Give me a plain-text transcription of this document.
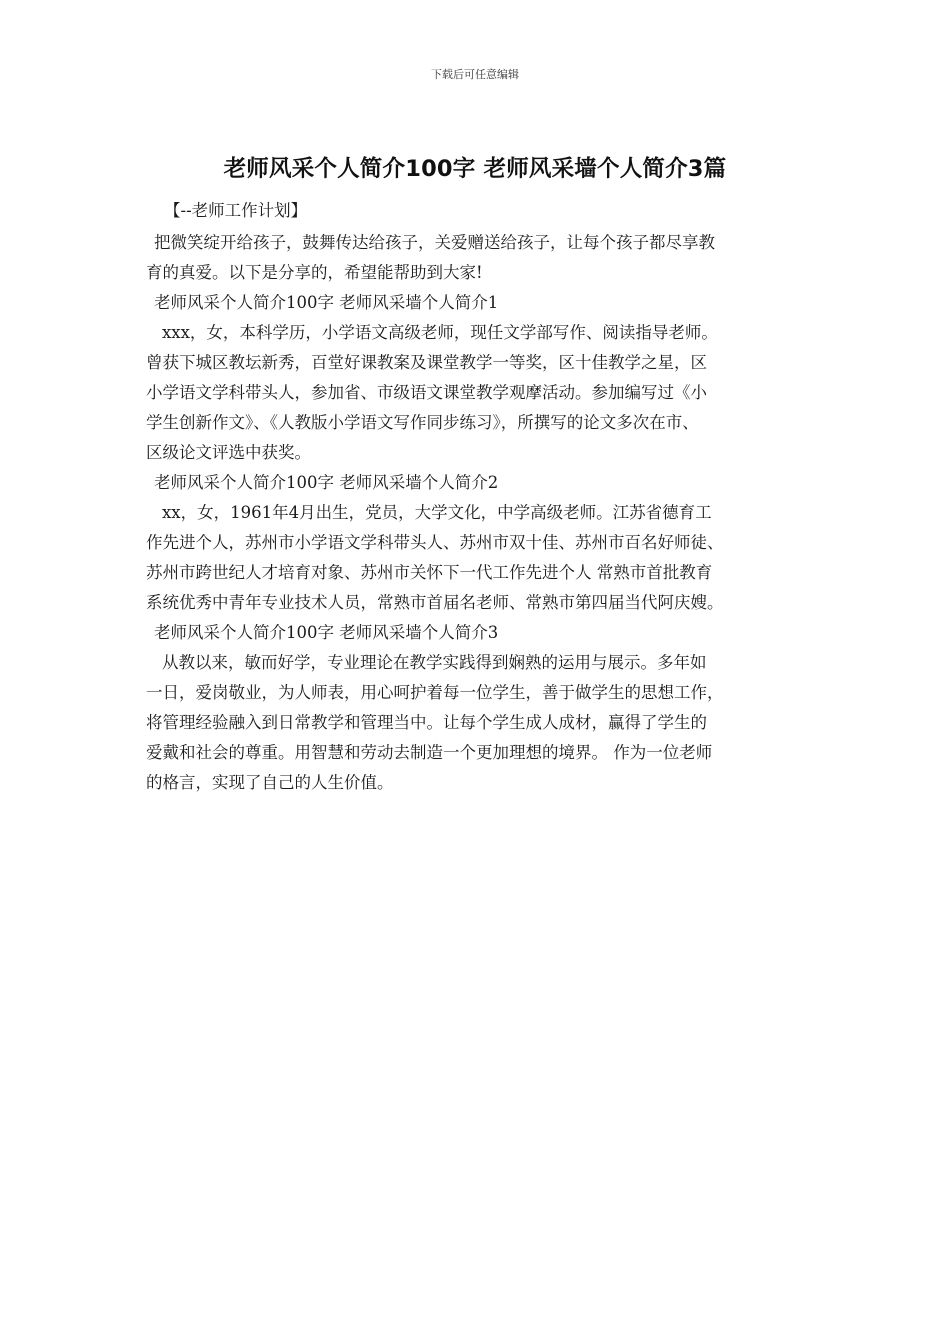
下载后可任意编辑
老师风采个人简介100字 老师风采墙个人简介3篇
【--老师工作计划】
把微笑绽开给孩子，鼓舞传达给孩子，关爱赠送给孩子，让每个孩子都尽享教
育的真爱。以下是分享的，希望能帮助到大家!
老师风采个人简介100字 老师风采墙个人简介1
xxx，女，本科学历，小学语文高级老师，现任文学部写作、阅读指导老师。
曾获下城区教坛新秀，百堂好课教案及课堂教学一等奖，区十佳教学之星，区
小学语文学科带头人，参加省、市级语文课堂教学观摩活动。参加编写过《小
学生创新作文》、《人教版小学语文写作同步练习》，所撰写的论文多次在市、
区级论文评选中获奖。
老师风采个人简介100字 老师风采墙个人简介2
xx，女，1961年4月出生，党员，大学文化，中学高级老师。江苏省德育工
作先进个人，苏州市小学语文学科带头人、苏州市双十佳、苏州市百名好师徒、
苏州市跨世纪人才培育对象、苏州市关怀下一代工作先进个人 常熟市首批教育
系统优秀中青年专业技术人员，常熟市首届名老师、常熟市第四届当代阿庆嫂。
老师风采个人简介100字 老师风采墙个人简介3
从教以来，敏而好学，专业理论在教学实践得到娴熟的运用与展示。多年如
一日，爱岗敬业，为人师表，用心呵护着每一位学生，善于做学生的思想工作，
将管理经验融入到日常教学和管理当中。让每个学生成人成材，赢得了学生的
爱戴和社会的尊重。用智慧和劳动去制造一个更加理想的境界。 作为一位老师
的格言，实现了自己的人生价值。
